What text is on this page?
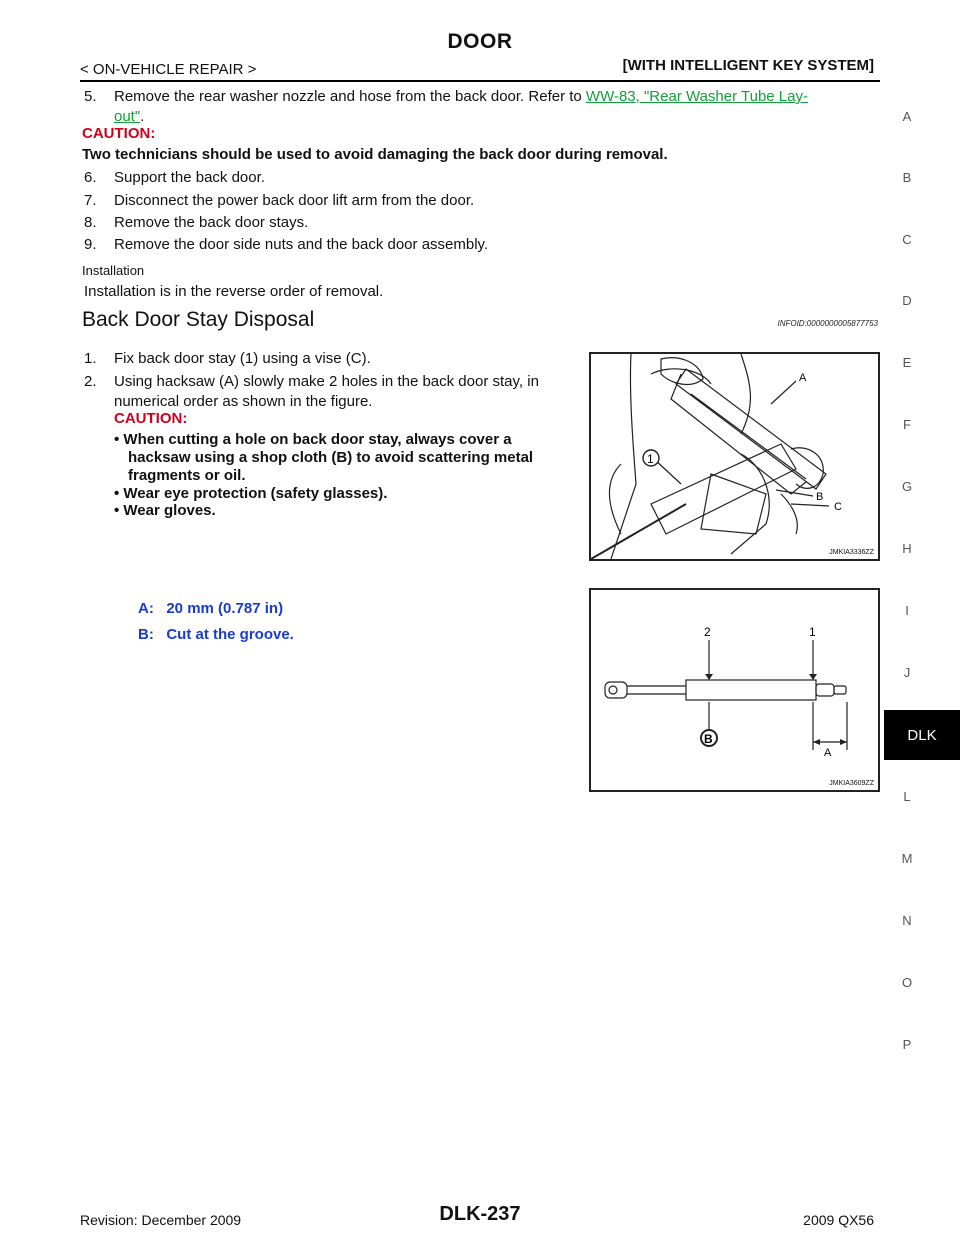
DOOR
< ON-VEHICLE REPAIR >	[WITH INTELLIGENT KEY SYSTEM]
5. Remove the rear washer nozzle and hose from the back door. Refer to WW-83, "Rear Washer Tube Lay-
out".
CAUTION:
Two technicians should be used to avoid damaging the back door during removal.
6. Support the back door.
7. Disconnect the power back door lift arm from the door.
8. Remove the back door stays.
9. Remove the door side nuts and the back door assembly.
Installation
Installation is in the reverse order of removal.
Back Door Stay Disposal	INFOID:0000000005877753
1. Fix back door stay (1) using a vise (C).
2. Using hacksaw (A) slowly make 2 holes in the back door stay, in
numerical order as shown in the figure.
CAUTION:
• When cutting a hole on back door stay, always cover a
hacksaw using a shop cloth (B) to avoid scattering metal
fragments or oil.
• Wear eye protection (safety glasses).
• Wear gloves.
1
A
B
C
JMKIA3336ZZ
A: 20 mm (0.787 in)
B: Cut at the groove.	2	1
B
A
JMKIA3609ZZ
A
B
C
D
E
F
G
H
I
J
L
M
N
O
P
DLK
Revision: December 2009	DLK-237	2009 QX56
